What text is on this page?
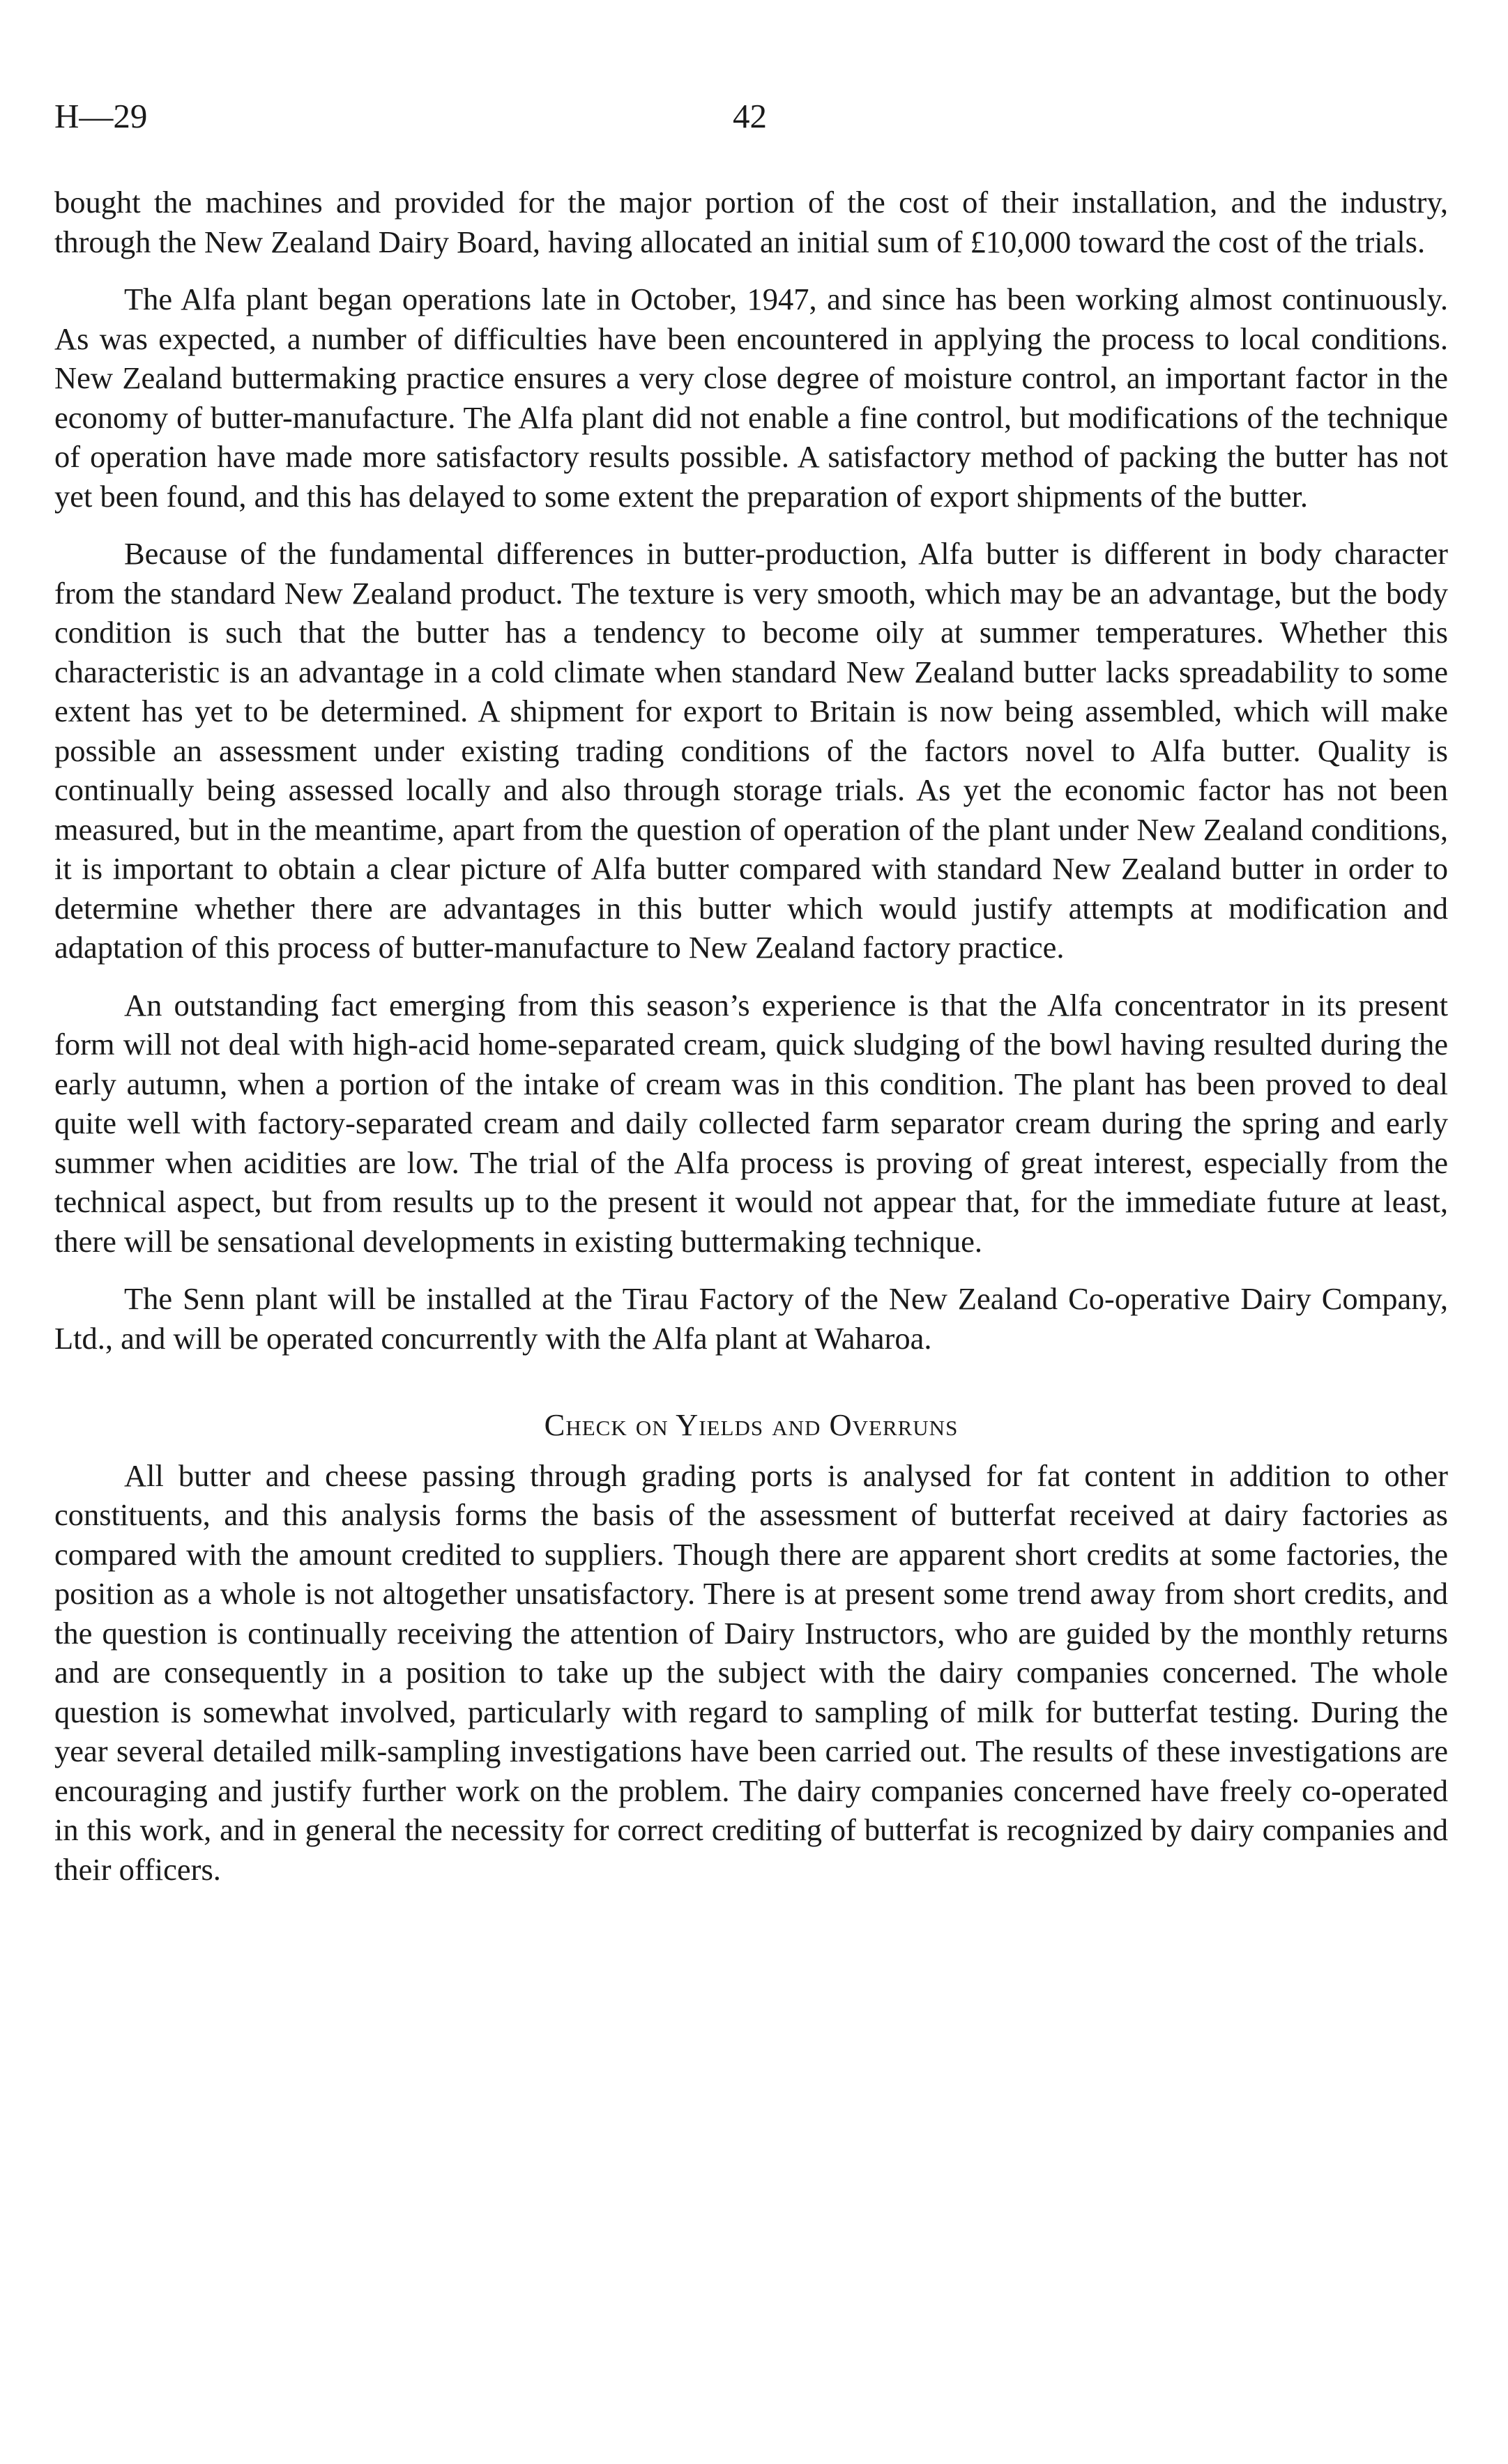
H—29	42

bought the machines and provided for the major portion of the cost of their installation, and the industry, through the New Zealand Dairy Board, having allocated an initial sum of £10,000 toward the cost of the trials.

The Alfa plant began operations late in October, 1947, and since has been working almost continuously. As was expected, a number of difficulties have been encountered in applying the process to local conditions. New Zealand buttermaking practice ensures a very close degree of moisture control, an important factor in the economy of butter-manufacture. The Alfa plant did not enable a fine control, but modifications of the technique of operation have made more satisfactory results possible. A satisfactory method of packing the butter has not yet been found, and this has delayed to some extent the preparation of export shipments of the butter.

Because of the fundamental differences in butter-production, Alfa butter is different in body character from the standard New Zealand product. The texture is very smooth, which may be an advantage, but the body condition is such that the butter has a tendency to become oily at summer temperatures. Whether this characteristic is an advantage in a cold climate when standard New Zealand butter lacks spreadability to some extent has yet to be determined. A shipment for export to Britain is now being assembled, which will make possible an assessment under existing trading conditions of the factors novel to Alfa butter. Quality is continually being assessed locally and also through storage trials. As yet the economic factor has not been measured, but in the meantime, apart from the question of operation of the plant under New Zealand conditions, it is important to obtain a clear picture of Alfa butter compared with standard New Zealand butter in order to determine whether there are advantages in this butter which would justify attempts at modification and adaptation of this process of butter-manufacture to New Zealand factory practice.

An outstanding fact emerging from this season’s experience is that the Alfa concentrator in its present form will not deal with high-acid home-separated cream, quick sludging of the bowl having resulted during the early autumn, when a portion of the intake of cream was in this condition. The plant has been proved to deal quite well with factory-separated cream and daily collected farm separator cream during the spring and early summer when acidities are low. The trial of the Alfa process is proving of great interest, especially from the technical aspect, but from results up to the present it would not appear that, for the immediate future at least, there will be sensational developments in existing buttermaking technique.

The Senn plant will be installed at the Tirau Factory of the New Zealand Co-operative Dairy Company, Ltd., and will be operated concurrently with the Alfa plant at Waharoa.

Check on Yields and Overruns

All butter and cheese passing through grading ports is analysed for fat content in addition to other constituents, and this analysis forms the basis of the assessment of butterfat received at dairy factories as compared with the amount credited to suppliers. Though there are apparent short credits at some factories, the position as a whole is not altogether unsatisfactory. There is at present some trend away from short credits, and the question is continually receiving the attention of Dairy Instructors, who are guided by the monthly returns and are consequently in a position to take up the subject with the dairy companies concerned. The whole question is somewhat involved, particularly with regard to sampling of milk for butterfat testing. During the year several detailed milk-sampling investigations have been carried out. The results of these investigations are encouraging and justify further work on the problem. The dairy companies concerned have freely co-operated in this work, and in general the necessity for correct crediting of butterfat is recognized by dairy companies and their officers.
